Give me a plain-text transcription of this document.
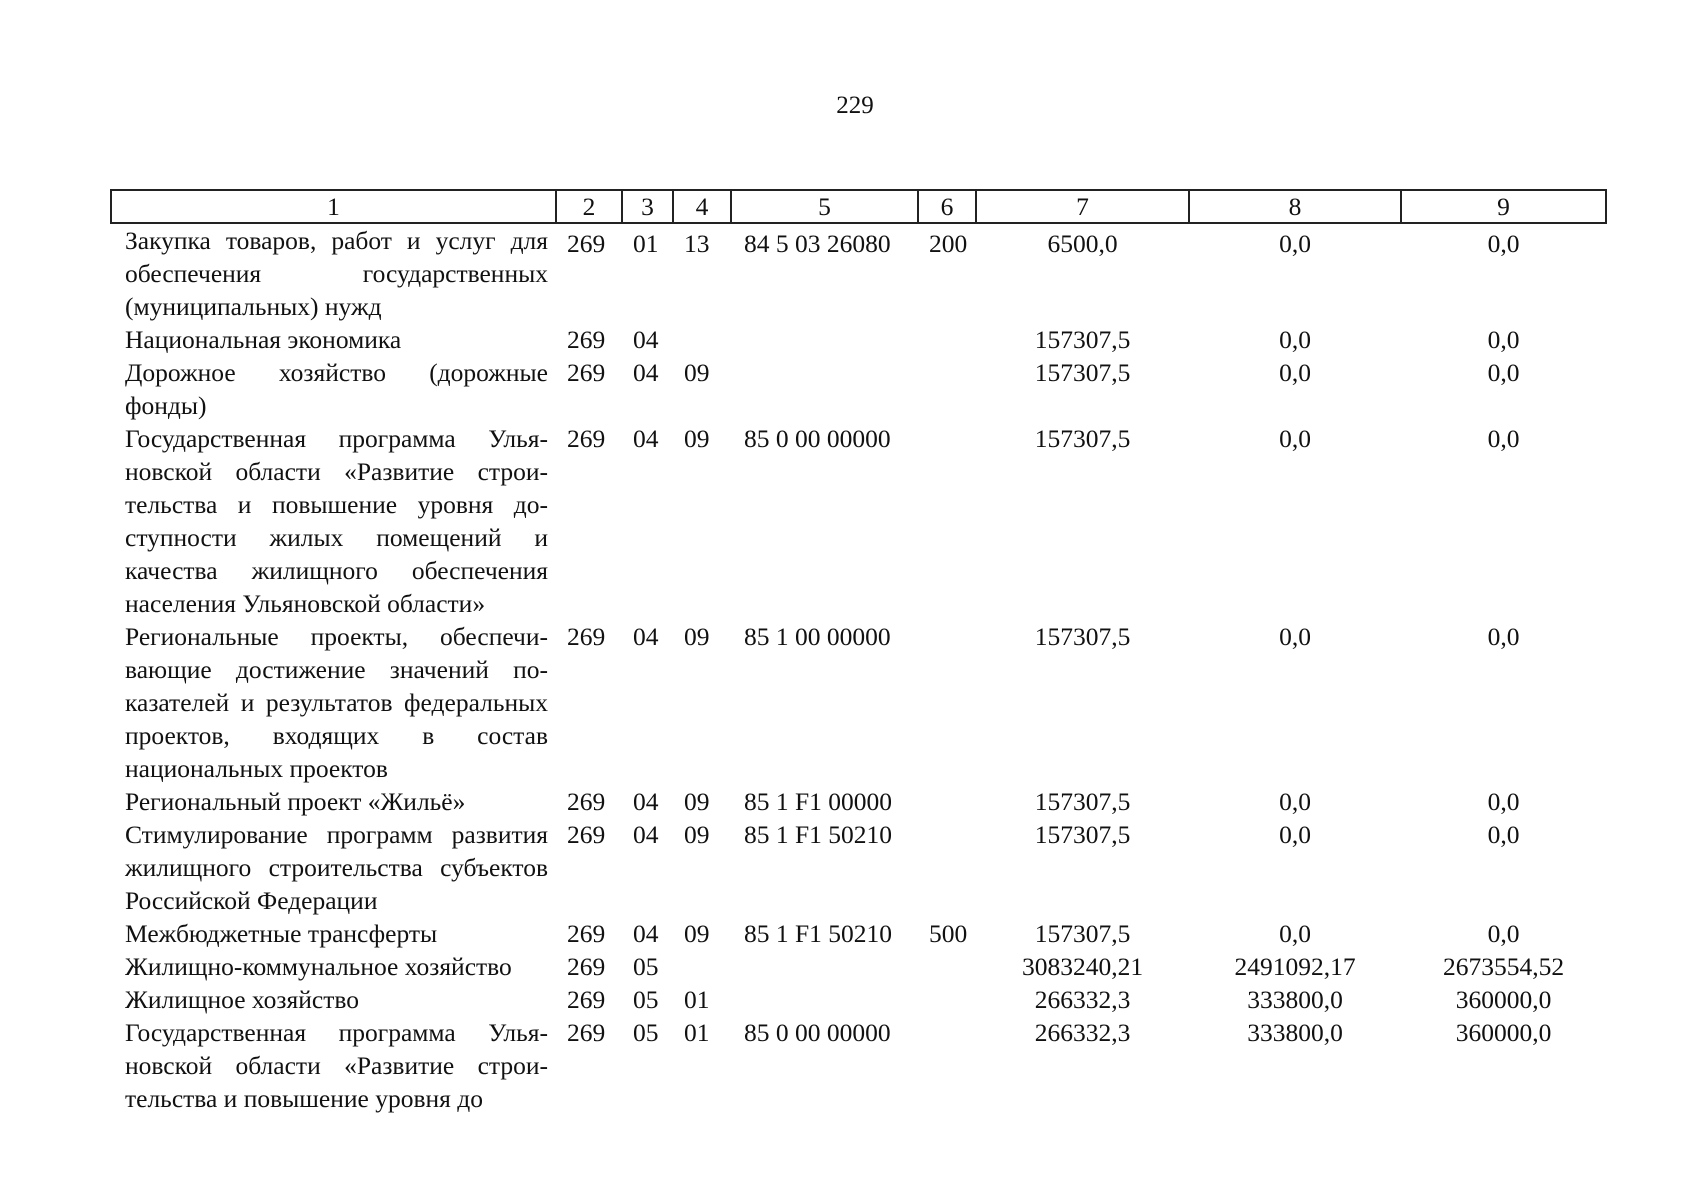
229
1	2	3	4	5	6	7	8	9
Закупка товаров, работ и услуг для обеспечения государственных (муниципальных) нужд	269	01	13	84 5 03 26080	200	6500,0	0,0	0,0
Национальная экономика	269	04				157307,5	0,0	0,0
Дорожное хозяйство (дорожные фонды)	269	04	09			157307,5	0,0	0,0
Государственная программа Ульяновской области «Развитие строительства и повышение уровня доступности жилых помещений и качества жилищного обеспечения населения Ульяновской области»	269	04	09	85 0 00 00000		157307,5	0,0	0,0
Региональные проекты, обеспечивающие достижение значений показателей и результатов федеральных проектов, входящих в состав национальных проектов	269	04	09	85 1 00 00000		157307,5	0,0	0,0
Региональный проект «Жильё»	269	04	09	85 1 F1 00000		157307,5	0,0	0,0
Стимулирование программ развития жилищного строительства субъектов Российской Федерации	269	04	09	85 1 F1 50210		157307,5	0,0	0,0
Межбюджетные трансферты	269	04	09	85 1 F1 50210	500	157307,5	0,0	0,0
Жилищно-коммунальное хозяйство	269	05				3083240,21	2491092,17	2673554,52
Жилищное хозяйство	269	05	01			266332,3	333800,0	360000,0
Государственная программа Ульяновской области «Развитие строительства и повышение уровня до	269	05	01	85 0 00 00000		266332,3	333800,0	360000,0
